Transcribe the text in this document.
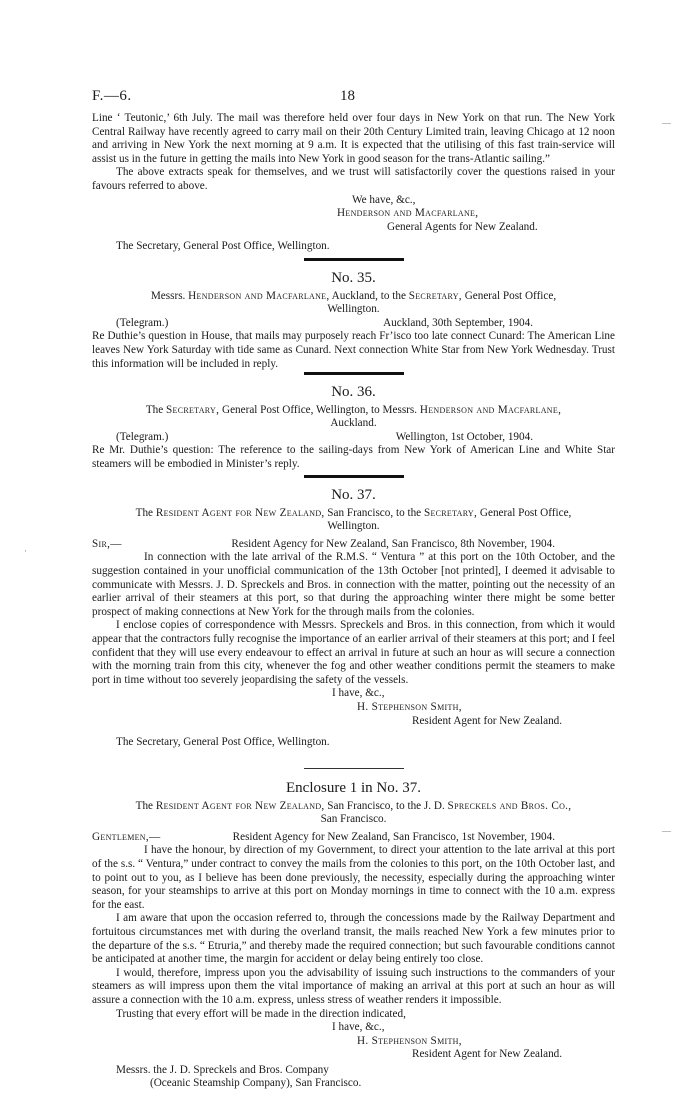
F.—6.	18

Line ‘ Teutonic,’ 6th July. The mail was therefore held over four days in New York on that run. The New York Central Railway have recently agreed to carry mail on their 20th Century Limited train, leaving Chicago at 12 noon and arriving in New York the next morning at 9 a.m. It is expected that the utilising of this fast train-service will assist us in the future in getting the mails into New York in good season for the trans-Atlantic sailing.”

The above extracts speak for themselves, and we trust will satisfactorily cover the questions raised in your favours referred to above.

We have, &c.,
Henderson and Macfarlane,
General Agents for New Zealand.
The Secretary, General Post Office, Wellington.
No. 35.
Messrs. Henderson and Macfarlane, Auckland, to the Secretary, General Post Office,
Wellington.
(Telegram.)	Auckland, 30th September, 1904.

Re Duthie’s question in House, that mails may purposely reach Fr’isco too late connect Cunard: The American Line leaves New York Saturday with tide same as Cunard. Next connection White Star from New York Wednesday. Trust this information will be included in reply.

No. 36.
The Secretary, General Post Office, Wellington, to Messrs. Henderson and Macfarlane,
Auckland.
(Telegram.)	Wellington, 1st October, 1904.

Re Mr. Duthie’s question: The reference to the sailing-days from New York of American Line and White Star steamers will be embodied in Minister’s reply.

No. 37.
The Resident Agent for New Zealand, San Francisco, to the Secretary, General Post Office,
Wellington.
Sir,—	Resident Agency for New Zealand, San Francisco, 8th November, 1904.

In connection with the late arrival of the R.M.S. “ Ventura ” at this port on the 10th October, and the suggestion contained in your unofficial communication of the 13th October [not printed], I deemed it advisable to communicate with Messrs. J. D. Spreckels and Bros. in connection with the matter, pointing out the necessity of an earlier arrival of their steamers at this port, so that during the approaching winter there might be some better prospect of making connections at New York for the through mails from the colonies.

I enclose copies of correspondence with Messrs. Spreckels and Bros. in this connection, from which it would appear that the contractors fully recognise the importance of an earlier arrival of their steamers at this port; and I feel confident that they will use every endeavour to effect an arrival in future at such an hour as will secure a connection with the morning train from this city, whenever the fog and other weather conditions permit the steamers to make port in time without too severely jeopardising the safety of the vessels.

I have, &c.,
H. Stephenson Smith,
Resident Agent for New Zealand.
The Secretary, General Post Office, Wellington.
Enclosure 1 in No. 37.
The Resident Agent for New Zealand, San Francisco, to the J. D. Spreckels and Bros. Co.,
San Francisco.
Gentlemen,—	Resident Agency for New Zealand, San Francisco, 1st November, 1904.

I have the honour, by direction of my Government, to direct your attention to the late arrival at this port of the s.s. “ Ventura,” under contract to convey the mails from the colonies to this port, on the 10th October last, and to point out to you, as I believe has been done previously, the necessity, especially during the approaching winter season, for your steamships to arrive at this port on Monday mornings in time to connect with the 10 a.m. express for the east.

I am aware that upon the occasion referred to, through the concessions made by the Railway Department and fortuitous circumstances met with during the overland transit, the mails reached New York a few minutes prior to the departure of the s.s. “ Etruria,” and thereby made the required connection; but such favourable conditions cannot be anticipated at another time, the margin for accident or delay being entirely too close.

I would, therefore, impress upon you the advisability of issuing such instructions to the commanders of your steamers as will impress upon them the vital importance of making an arrival at this port at such an hour as will assure a connection with the 10 a.m. express, unless stress of weather renders it impossible.

Trusting that every effort will be made in the direction indicated,

I have, &c.,
H. Stephenson Smith,
Resident Agent for New Zealand.
Messrs. the J. D. Spreckels and Bros. Company
(Oceanic Steamship Company), San Francisco.
—
·
—
